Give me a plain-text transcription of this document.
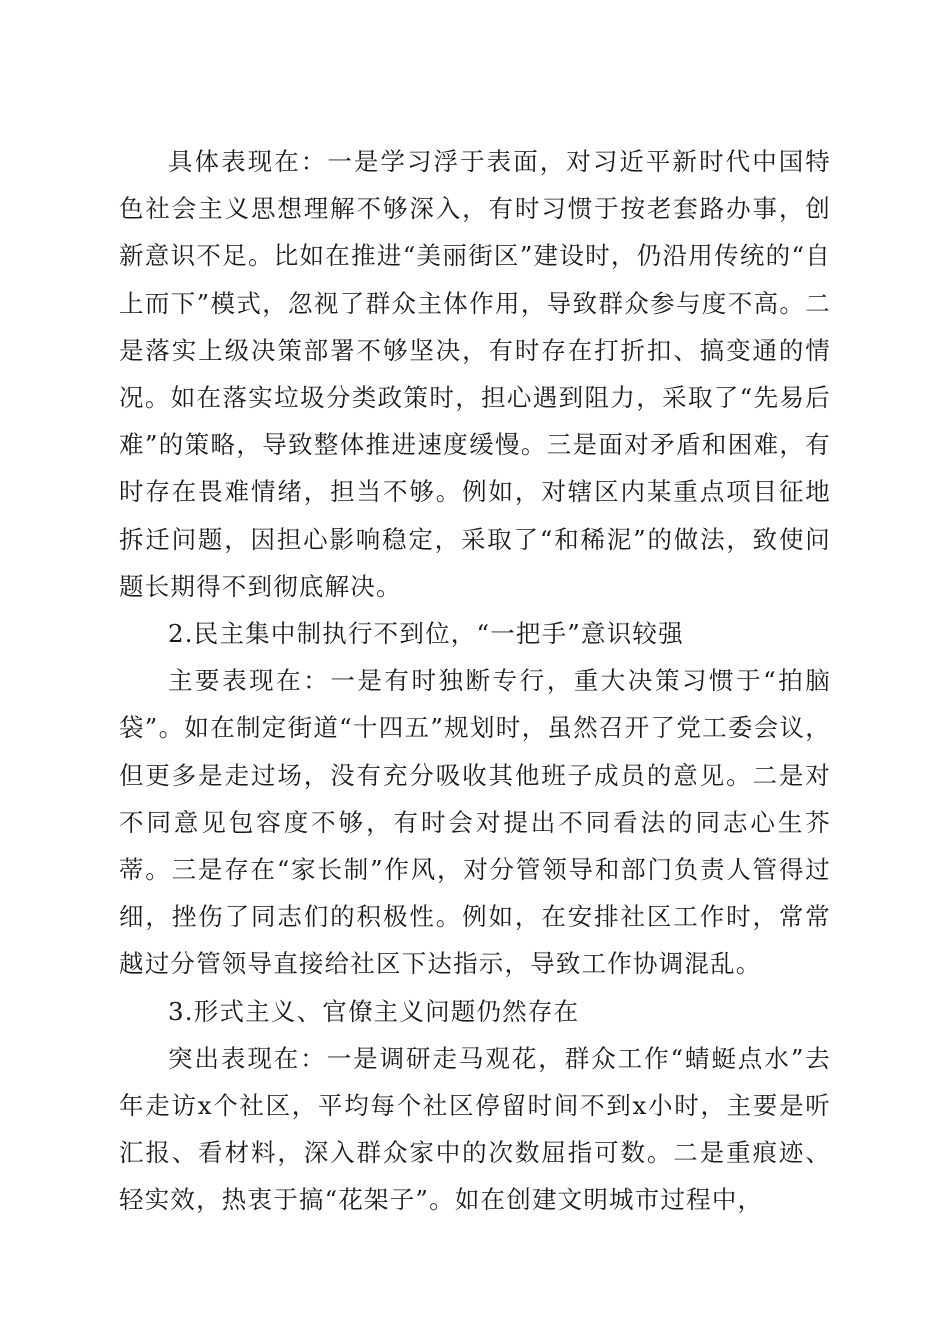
具体表现在：一是学习浮于表面，对习近平新时代中国特色社会主义思想理解不够深入，有时习惯于按老套路办事，创新意识不足。比如在推进“美丽街区”建设时，仍沿用传统的“自上而下”模式，忽视了群众主体作用，导致群众参与度不高。二是落实上级决策部署不够坚决，有时存在打折扣、搞变通的情况。如在落实垃圾分类政策时，担心遇到阻力，采取了“先易后难”的策略，导致整体推进速度缓慢。三是面对矛盾和困难，有时存在畏难情绪，担当不够。例如，对辖区内某重点项目征地拆迁问题，因担心影响稳定，采取了“和稀泥”的做法，致使问题长期得不到彻底解决。

2.民主集中制执行不到位，“一把手”意识较强

主要表现在：一是有时独断专行，重大决策习惯于“拍脑袋”。如在制定街道“十四五”规划时，虽然召开了党工委会议，但更多是走过场，没有充分吸收其他班子成员的意见。二是对不同意见包容度不够，有时会对提出不同看法的同志心生芥蒂。三是存在“家长制”作风，对分管领导和部门负责人管得过细，挫伤了同志们的积极性。例如，在安排社区工作时，常常越过分管领导直接给社区下达指示，导致工作协调混乱。

3.形式主义、官僚主义问题仍然存在

突出表现在：一是调研走马观花，群众工作“蜻蜓点水”去年走访x个社区，平均每个社区停留时间不到x小时，主要是听汇报、看材料，深入群众家中的次数屈指可数。二是重痕迹、轻实效，热衷于搞“花架子”。如在创建文明城市过程中，
